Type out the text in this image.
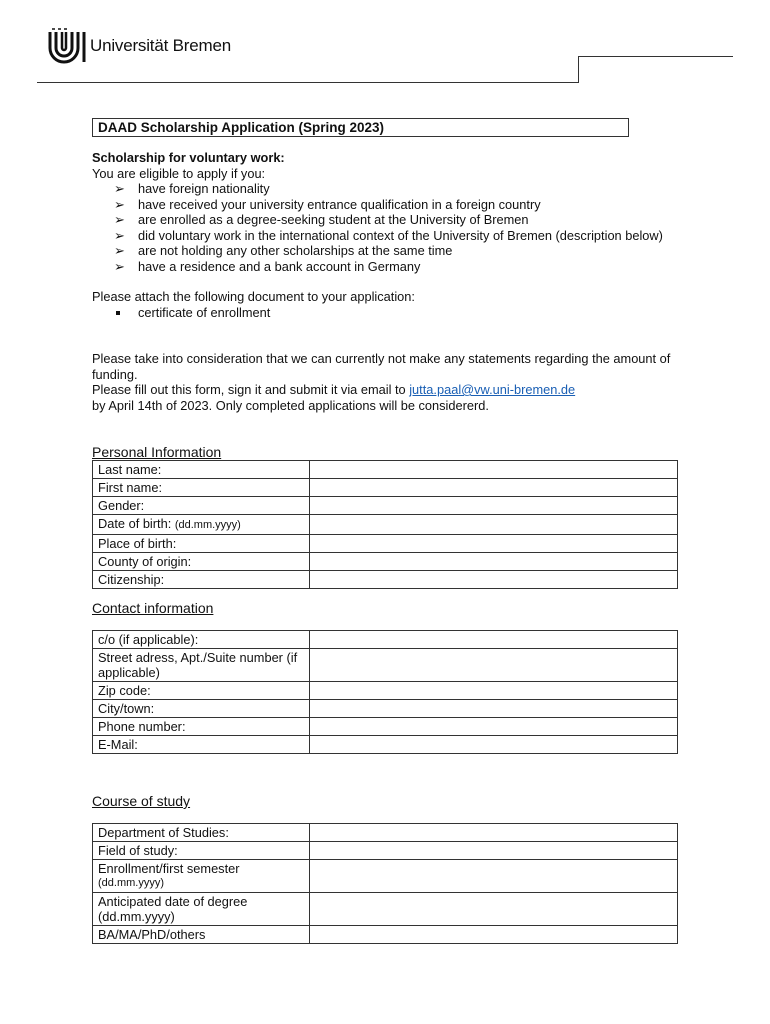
Universität Bremen
DAAD Scholarship Application (Spring 2023)
Scholarship for voluntary work:
You are eligible to apply if you:
➢ have foreign nationality
➢ have received your university entrance qualification in a foreign country
➢ are enrolled as a degree-seeking student at the University of Bremen
➢ did voluntary work in the international context of the University of Bremen (description below)
➢ are not holding any other scholarships at the same time
➢ have a residence and a bank account in Germany
Please attach the following document to your application:
certificate of enrollment
Please take into consideration that we can currently not make any statements regarding the amount of funding.
Please fill out this form, sign it and submit it via email to jutta.paal@vw.uni-bremen.de
by April 14th of 2023. Only completed applications will be considererd.
Personal Information
Last name:	
First name:	
Gender:	
Date of birth: (dd.mm.yyyy)	
Place of birth:	
County of origin:	
Citizenship:	
Contact information
c/o (if applicable):	
Street adress, Apt./Suite number (if applicable)	
Zip code:	
City/town:	
Phone number:	
E-Mail:	
Course of study
Department of Studies:	
Field of study:	

Enrollment/first semester
(dd.mm.yyyy)	

Anticipated date of degree (dd.mm.yyyy)	
BA/MA/PhD/others	
